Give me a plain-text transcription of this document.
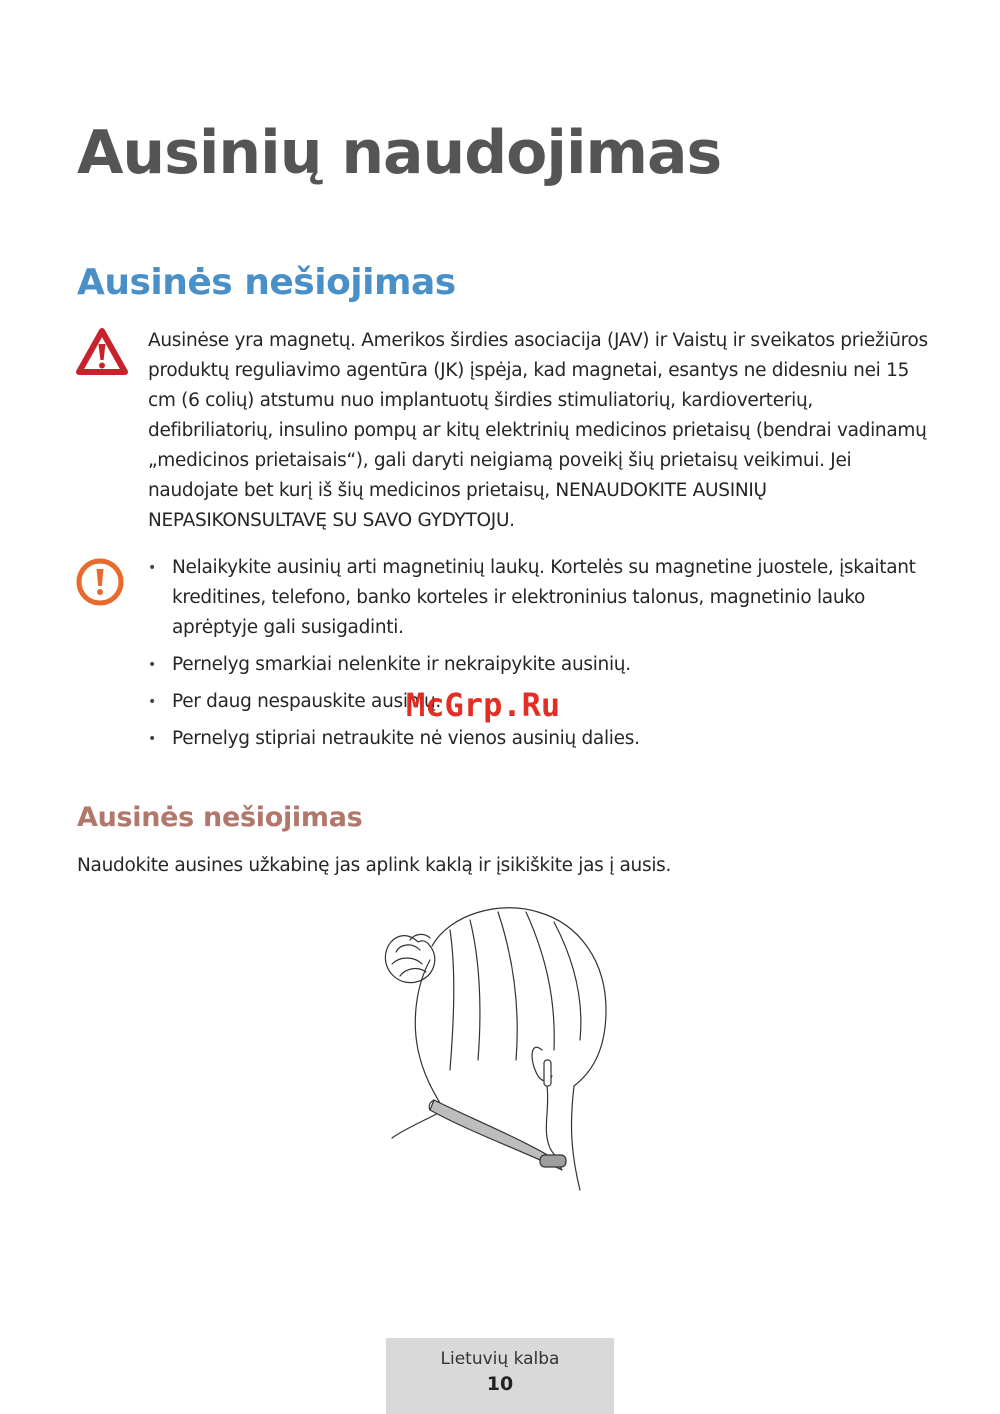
Ausinių naudojimas
Ausinės nešiojimas

Ausinėse yra magnetų. Amerikos širdies asociacija (JAV) ir Vaistų ir sveikatos priežiūros produktų reguliavimo agentūra (JK) įspėja, kad magnetai, esantys ne didesniu nei 15 cm (6 colių) atstumu nuo implantuotų širdies stimuliatorių, kardioverterių, defibriliatorių, insulino pompų ar kitų elektrinių medicinos prietaisų (bendrai vadinamų „medicinos prietaisais“), gali daryti neigiamą poveikį šių prietaisų veikimui. Jei naudojate bet kurį iš šių medicinos prietaisų, NENAUDOKITE AUSINIŲ NEPASIKONSULTAVĘ SU SAVO GYDYTOJU.

• Nelaikykite ausinių arti magnetinių laukų. Kortelės su magnetine juostele, įskaitant kreditines, telefono, banko korteles ir elektroninius talonus, magnetinio lauko aprėptyje gali susigadinti.
• Pernelyg smarkiai nelenkite ir nekraipykite ausinių.
• Per daug nespauskite ausinių.
• Pernelyg stipriai netraukite nė vienos ausinių dalies.
Ausinės nešiojimas

Naudokite ausines užkabinę jas aplink kaklą ir įsikiškite jas į ausis.

McGrp.Ru
Lietuvių kalba
10
